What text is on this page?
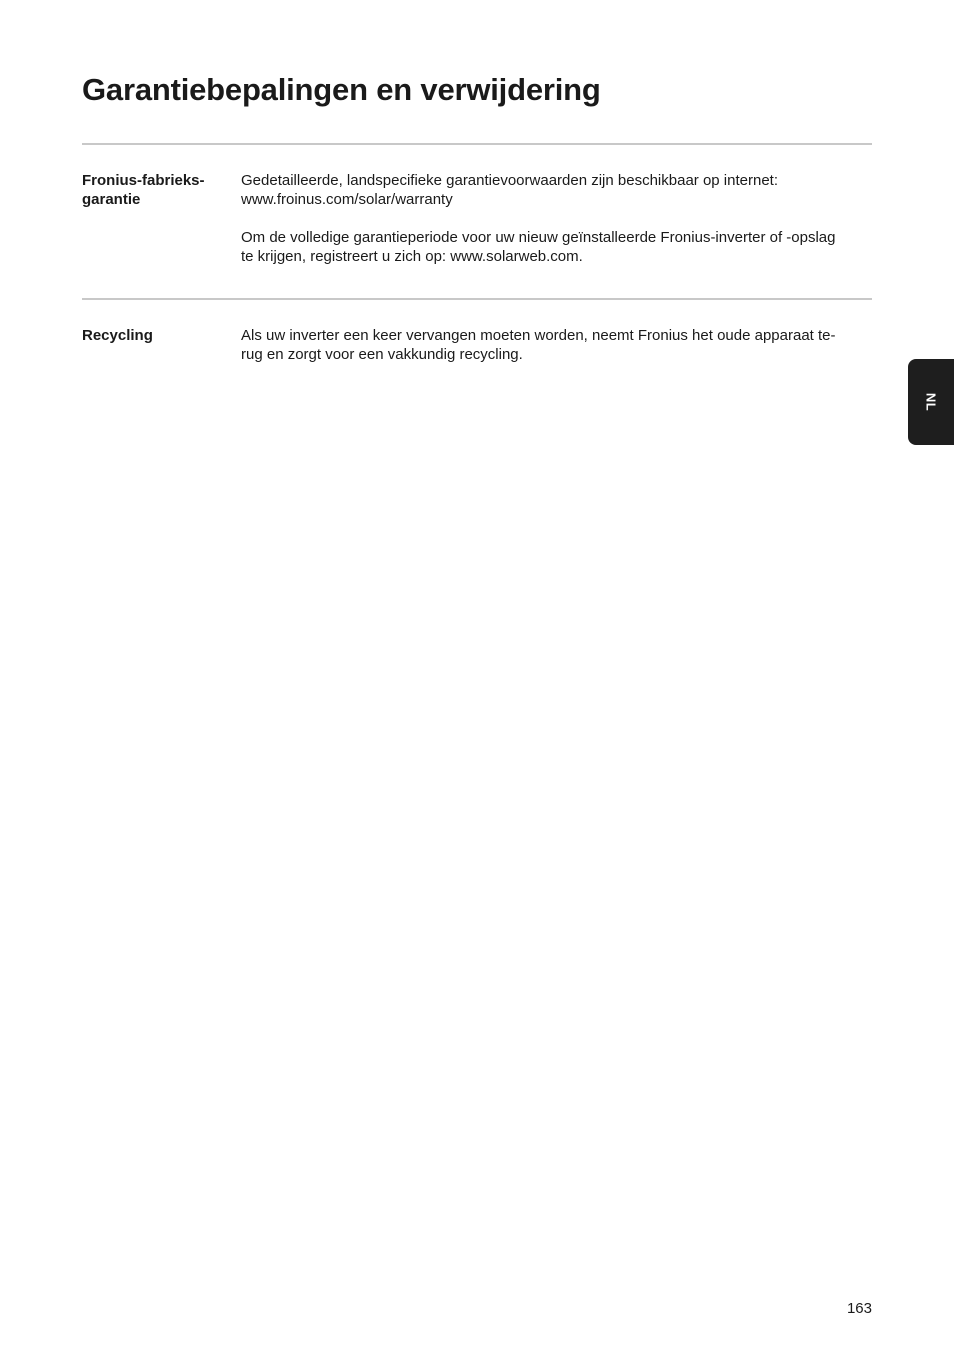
Garantiebepalingen en verwijdering
Fronius-fabrieks-
garantie

Gedetailleerde, landspecifieke garantievoorwaarden zijn beschikbaar op internet:
www.froinus.com/solar/warranty

Om de volledige garantieperiode voor uw nieuw geïnstalleerde Fronius-inverter of -opslag
te krijgen, registreert u zich op: www.solarweb.com.

Recycling	Als uw inverter een keer vervangen moeten worden, neemt Fronius het oude apparaat te-
rug en zorgt voor een vakkundig recycling.

NL
163
